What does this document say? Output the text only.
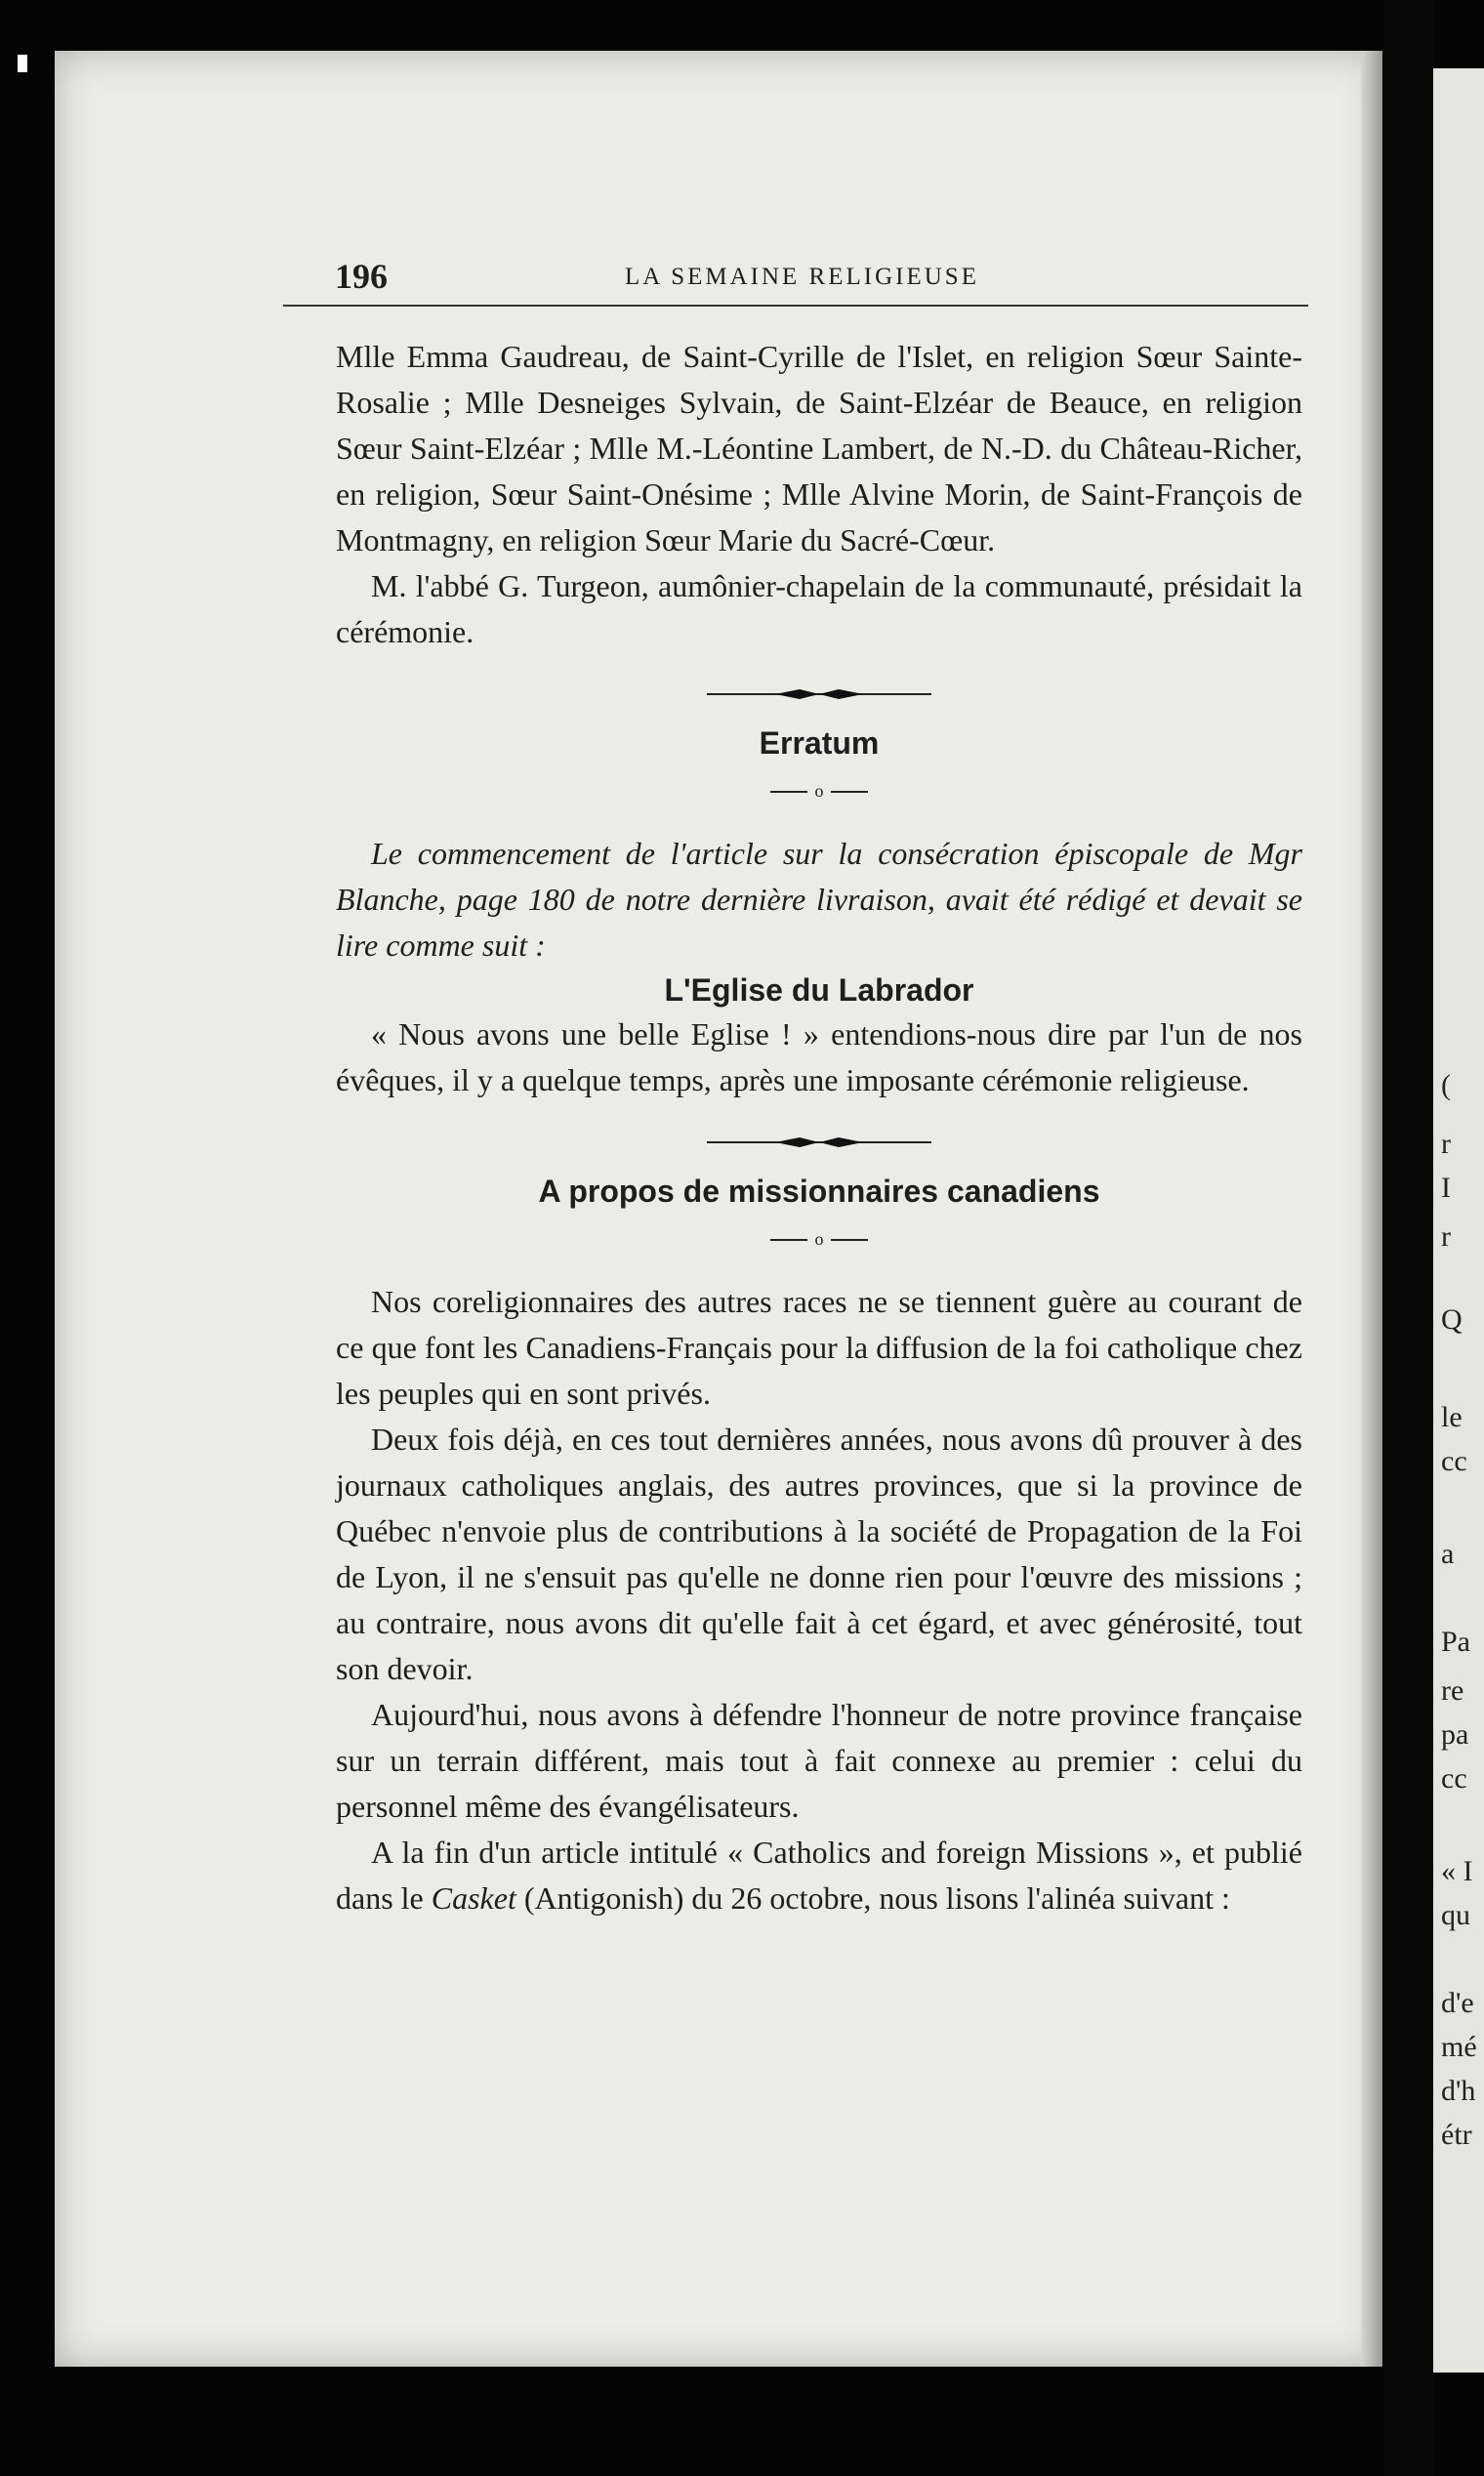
(
r
I
r
Q
le
cc
a
Pa
re
pa
cc
« I
qu
d'e
mé
d'h
étr
196	LA SEMAINE RELIGIEUSE

Mlle Emma Gaudreau, de Saint-Cyrille de l'Islet, en religion Sœur Sainte-Rosalie ; Mlle Desneiges Sylvain, de Saint-Elzéar de Beauce, en religion Sœur Saint-Elzéar ; Mlle M.-Léontine Lambert, de N.-D. du Château-Richer, en religion, Sœur Saint-Onésime ; Mlle Alvine Morin, de Saint-François de Montmagny, en religion Sœur Marie du Sacré-Cœur.

M. l'abbé G. Turgeon, aumônier-chapelain de la communauté, présidait la cérémonie.

Erratum

o

Le commencement de l'article sur la consécration épiscopale de Mgr Blanche, page 180 de notre dernière livraison, avait été rédigé et devait se lire comme suit :

L'Eglise du Labrador

« Nous avons une belle Eglise ! » entendions-nous dire par l'un de nos évêques, il y a quelque temps, après une imposante cérémonie religieuse.

A propos de missionnaires canadiens

o

Nos coreligionnaires des autres races ne se tiennent guère au courant de ce que font les Canadiens-Français pour la diffusion de la foi catholique chez les peuples qui en sont privés.

Deux fois déjà, en ces tout dernières années, nous avons dû prouver à des journaux catholiques anglais, des autres provinces, que si la province de Québec n'envoie plus de contributions à la société de Propagation de la Foi de Lyon, il ne s'ensuit pas qu'elle ne donne rien pour l'œuvre des missions ; au contraire, nous avons dit qu'elle fait à cet égard, et avec générosité, tout son devoir.

Aujourd'hui, nous avons à défendre l'honneur de notre province française sur un terrain différent, mais tout à fait connexe au premier : celui du personnel même des évangélisateurs.

A la fin d'un article intitulé « Catholics and foreign Missions », et publié dans le Casket (Antigonish) du 26 octobre, nous lisons l'alinéa suivant :
